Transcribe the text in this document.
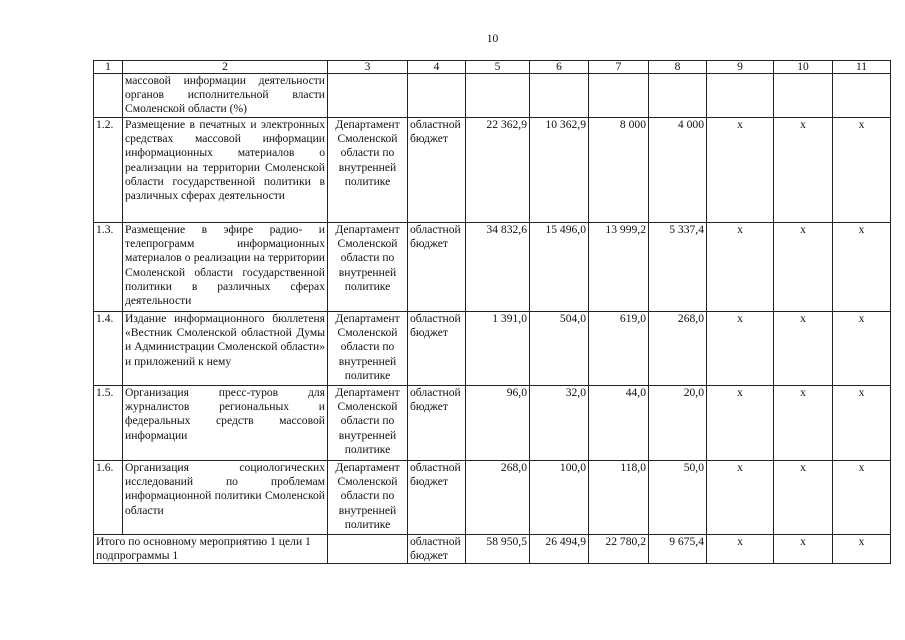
10
1	2	3	4	5	6	7	8	9	10	11
	массовой информации деятельности органов исполнительной власти Смоленской области (%)									
1.2.	Размещение в печатных и электронных средствах массовой информации информационных материалов о реализации на территории Смоленской области государственной политики в различных сферах деятельности	Департамент Смоленской области по внутренней политике	областной бюджет	22 362,9	10 362,9	8 000	4 000	х	х	х
1.3.	Размещение в эфире радио- и телепрограмм информационных материалов о реализации на территории Смоленской области государственной политики в различных сферах деятельности	Департамент Смоленской области по внутренней политике	областной бюджет	34 832,6	15 496,0	13 999,2	5 337,4	х	х	х
1.4.	Издание информационного бюллетеня «Вестник Смоленской областной Думы и Администрации Смоленской области» и приложений к нему	Департамент Смоленской области по внутренней политике	областной бюджет	1 391,0	504,0	619,0	268,0	х	х	х
1.5.	Организация пресс-туров для журналистов региональных и федеральных средств массовой информации	Департамент Смоленской области по внутренней политике	областной бюджет	96,0	32,0	44,0	20,0	х	х	х
1.6.	Организация социологических исследований по проблемам информационной политики Смоленской области	Департамент Смоленской области по внутренней политике	областной бюджет	268,0	100,0	118,0	50,0	х	х	х
Итого по основному мероприятию 1 цели 1 подпрограммы 1			областной бюджет	58 950,5	26 494,9	22 780,2	9 675,4	х	х	х
